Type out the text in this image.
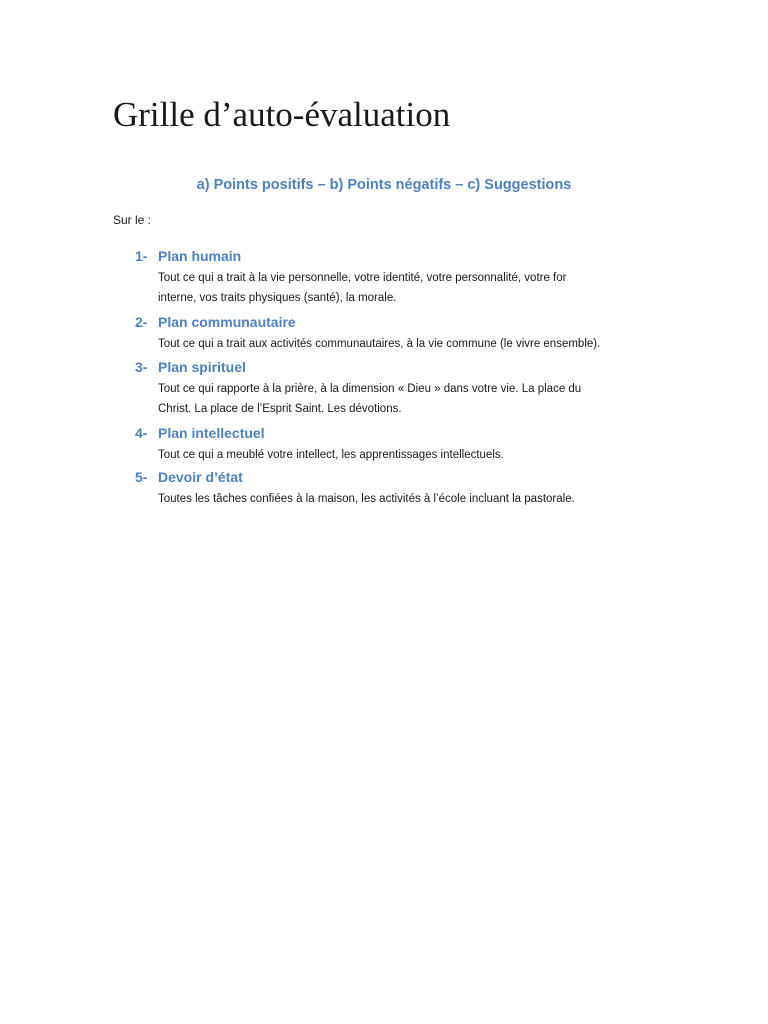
Grille d’auto-évaluation
a) Points positifs – b) Points négatifs – c) Suggestions
Sur le :
1- Plan humain
Tout ce qui a trait à la vie personnelle, votre identité, votre personnalité, votre for
interne, vos traits physiques (santé), la morale.
2- Plan communautaire
Tout ce qui a trait aux activités communautaires, à la vie commune (le vivre ensemble).
3- Plan spirituel
Tout ce qui rapporte à la prière, à la dimension « Dieu » dans votre vie. La place du
Christ. La place de l’Esprit Saint. Les dévotions.
4- Plan intellectuel
Tout ce qui a meublé votre intellect, les apprentissages intellectuels.
5- Devoir d’état
Toutes les tâches confiées à la maison, les activités à l’école incluant la pastorale.
